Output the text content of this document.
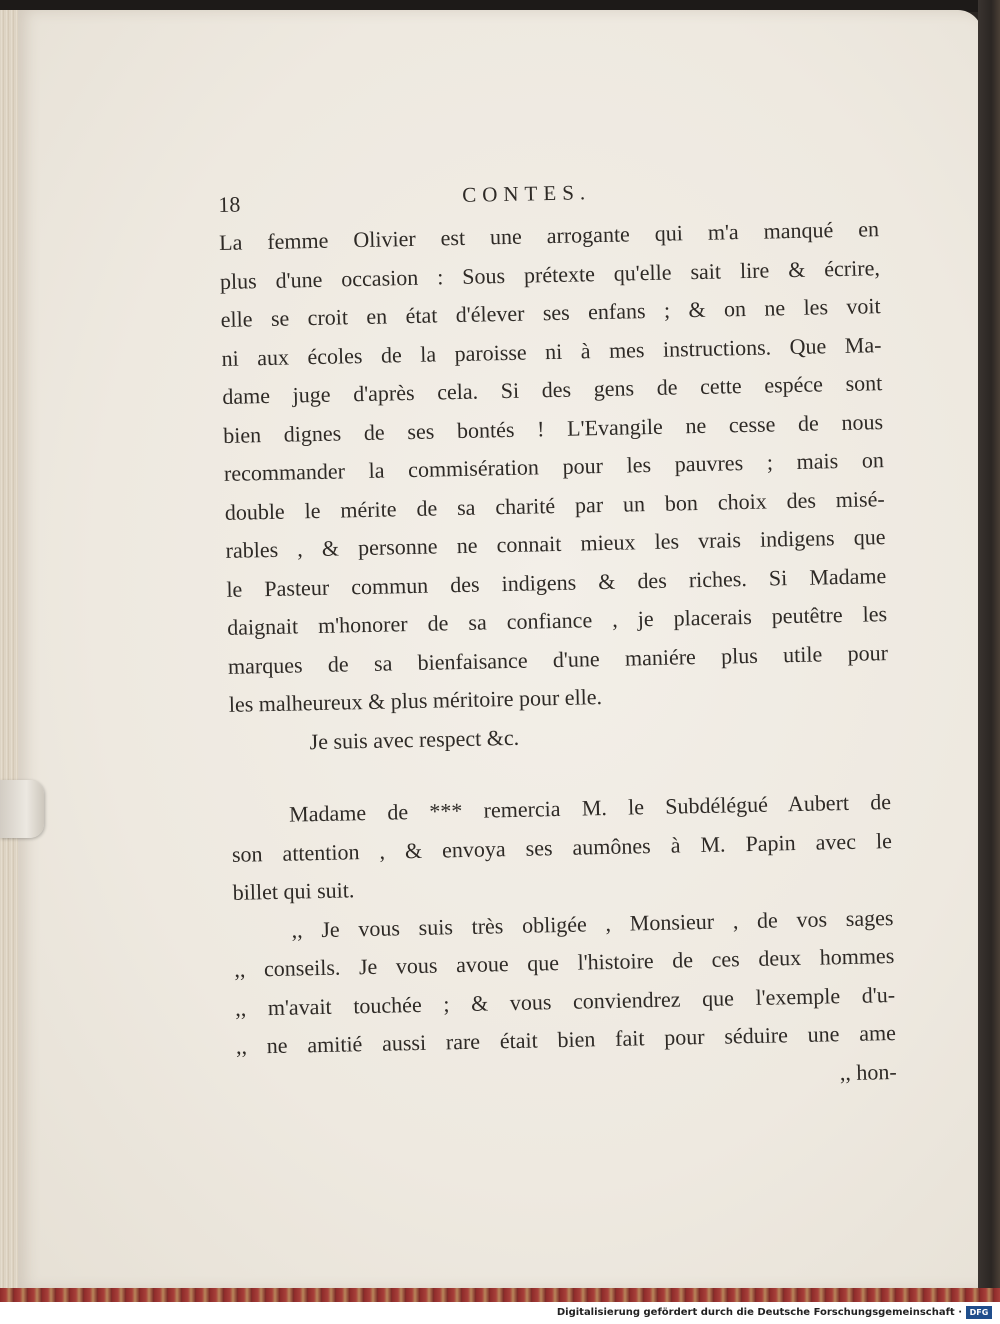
18	CONTES.
La femme Olivier est une arrogante qui m'a manqué en
plus d'une occasion : Sous prétexte qu'elle sait lire & écrire,
elle se croit en état d'élever ses enfans ; & on ne les voit
ni aux écoles de la paroisse ni à mes instructions. Que Ma-
dame juge d'après cela. Si des gens de cette espéce sont
bien dignes de ses bontés ! L'Evangile ne cesse de nous
recommander la commisération pour les pauvres ; mais on
double le mérite de sa charité par un bon choix des misé-
rables , & personne ne connait mieux les vrais indigens que
le Pasteur commun des indigens & des riches. Si Madame
daignait m'honorer de sa confiance , je placerais peutêtre les
marques de sa bienfaisance d'une maniére plus utile pour
les malheureux & plus méritoire pour elle.
Je suis avec respect &c.
Madame de *** remercia M. le Subdélégué Aubert de
son attention , & envoya ses aumônes à M. Papin avec le
billet qui suit.
,, Je vous suis très obligée , Monsieur , de vos sages
,, conseils. Je vous avoue que l'histoire de ces deux hommes
,, m'avait touchée ; & vous conviendrez que l'exemple d'u-
,, ne amitié aussi rare était bien fait pour séduire une ame
,, hon-
Digitalisierung gefördert durch die Deutsche Forschungsgemeinschaft · DFG
